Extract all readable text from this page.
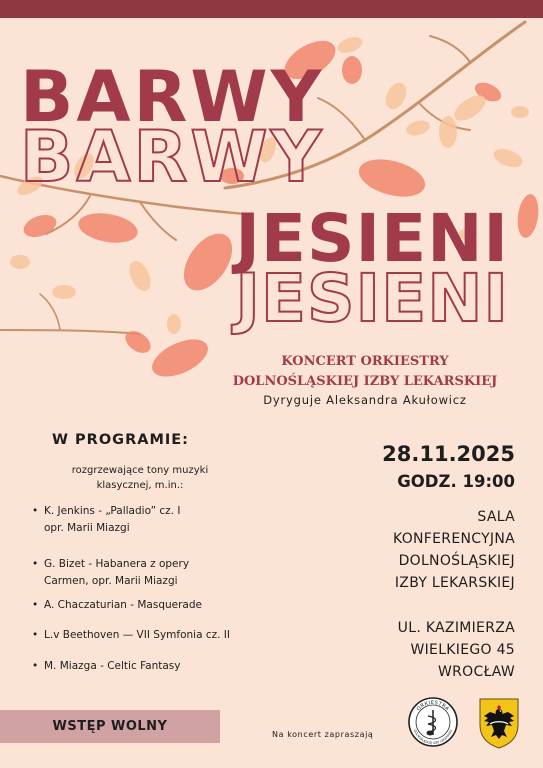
BARWY
BARWY
JESIENI
JESIENI
KONCERT ORKIESTRY
DOLNOŚLĄSKIEJ IZBY LEKARSKIEJ
Dyryguje Aleksandra Akułowicz
W PROGRAMIE:
rozgrzewające tony muzyki
klasycznej, m.in.:
• K. Jenkins - „Palladio” cz. I
opr. Marii Miazgi
• G. Bizet - Habanera z opery
Carmen, opr. Marii Miazgi
• A. Chaczaturian - Masquerade
• L.v Beethoven — VII Symfonia cz. II
• M. Miazga - Celtic Fantasy
28.11.2025
GODZ. 19:00
SALA
KONFERENCYJNA
DOLNOŚLĄSKIEJ
IZBY LEKARSKIEJ
UL. KAZIMIERZA
WIELKIEGO 45
WROCŁAW
WSTĘP WOLNY
Na koncert zapraszają
ORKIESTRA
DOLNOŚLĄSKIEJ IZBY LEKARSKIEJ
